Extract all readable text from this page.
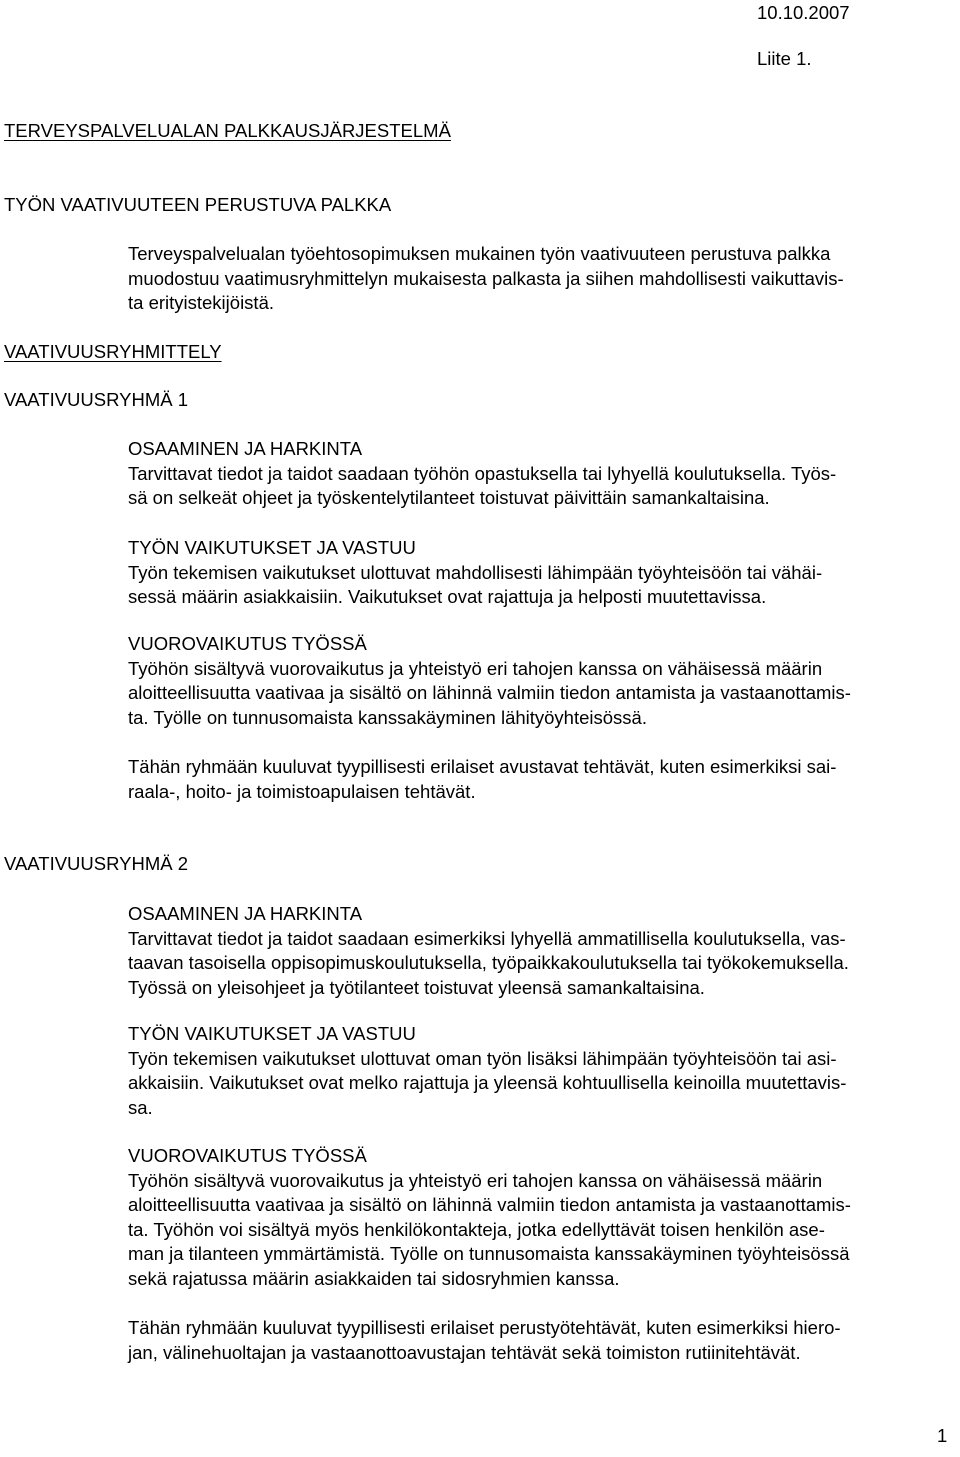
10.10.2007
Liite 1.
TERVEYSPALVELUALAN PALKKAUSJÄRJESTELMÄ
TYÖN VAATIVUUTEEN PERUSTUVA PALKKA
Terveyspalvelualan työehtosopimuksen mukainen työn vaativuuteen perustuva palkka
muodostuu vaatimusryhmittelyn mukaisesta palkasta ja siihen mahdollisesti vaikuttavis-
ta erityistekijöistä.
VAATIVUUSRYHMITTELY
VAATIVUUSRYHMÄ 1
OSAAMINEN JA HARKINTA
Tarvittavat tiedot ja taidot saadaan työhön opastuksella tai lyhyellä koulutuksella. Työs-
sä on selkeät ohjeet ja työskentelytilanteet toistuvat päivittäin samankaltaisina.
TYÖN VAIKUTUKSET JA VASTUU
Työn tekemisen vaikutukset ulottuvat mahdollisesti lähimpään työyhteisöön tai vähäi-
sessä määrin asiakkaisiin. Vaikutukset ovat rajattuja ja helposti muutettavissa.
VUOROVAIKUTUS TYÖSSÄ
Työhön sisältyvä vuorovaikutus ja yhteistyö eri tahojen kanssa on vähäisessä määrin
aloitteellisuutta vaativaa ja sisältö on lähinnä valmiin tiedon antamista ja vastaanottamis-
ta. Työlle on tunnusomaista kanssakäyminen lähityöyhteisössä.
Tähän ryhmään kuuluvat tyypillisesti erilaiset avustavat tehtävät, kuten esimerkiksi sai-
raala-, hoito- ja toimistoapulaisen tehtävät.
VAATIVUUSRYHMÄ 2
OSAAMINEN JA HARKINTA
Tarvittavat tiedot ja taidot saadaan esimerkiksi lyhyellä ammatillisella koulutuksella, vas-
taavan tasoisella oppisopimuskoulutuksella, työpaikkakoulutuksella tai työkokemuksella.
Työssä on yleisohjeet ja työtilanteet toistuvat yleensä samankaltaisina.
TYÖN VAIKUTUKSET JA VASTUU
Työn tekemisen vaikutukset ulottuvat oman työn lisäksi lähimpään työyhteisöön tai asi-
akkaisiin. Vaikutukset ovat melko rajattuja ja yleensä kohtuullisella keinoilla muutettavis-
sa.
VUOROVAIKUTUS TYÖSSÄ
Työhön sisältyvä vuorovaikutus ja yhteistyö eri tahojen kanssa on vähäisessä määrin
aloitteellisuutta vaativaa ja sisältö on lähinnä valmiin tiedon antamista ja vastaanottamis-
ta. Työhön voi sisältyä myös henkilökontakteja, jotka edellyttävät toisen henkilön ase-
man ja tilanteen ymmärtämistä. Työlle on tunnusomaista kanssakäyminen työyhteisössä
sekä rajatussa määrin asiakkaiden tai sidosryhmien kanssa.
Tähän ryhmään kuuluvat tyypillisesti erilaiset perustyötehtävät, kuten esimerkiksi hiero-
jan, välinehuoltajan ja vastaanottoavustajan tehtävät sekä toimiston rutiinitehtävät.
1
